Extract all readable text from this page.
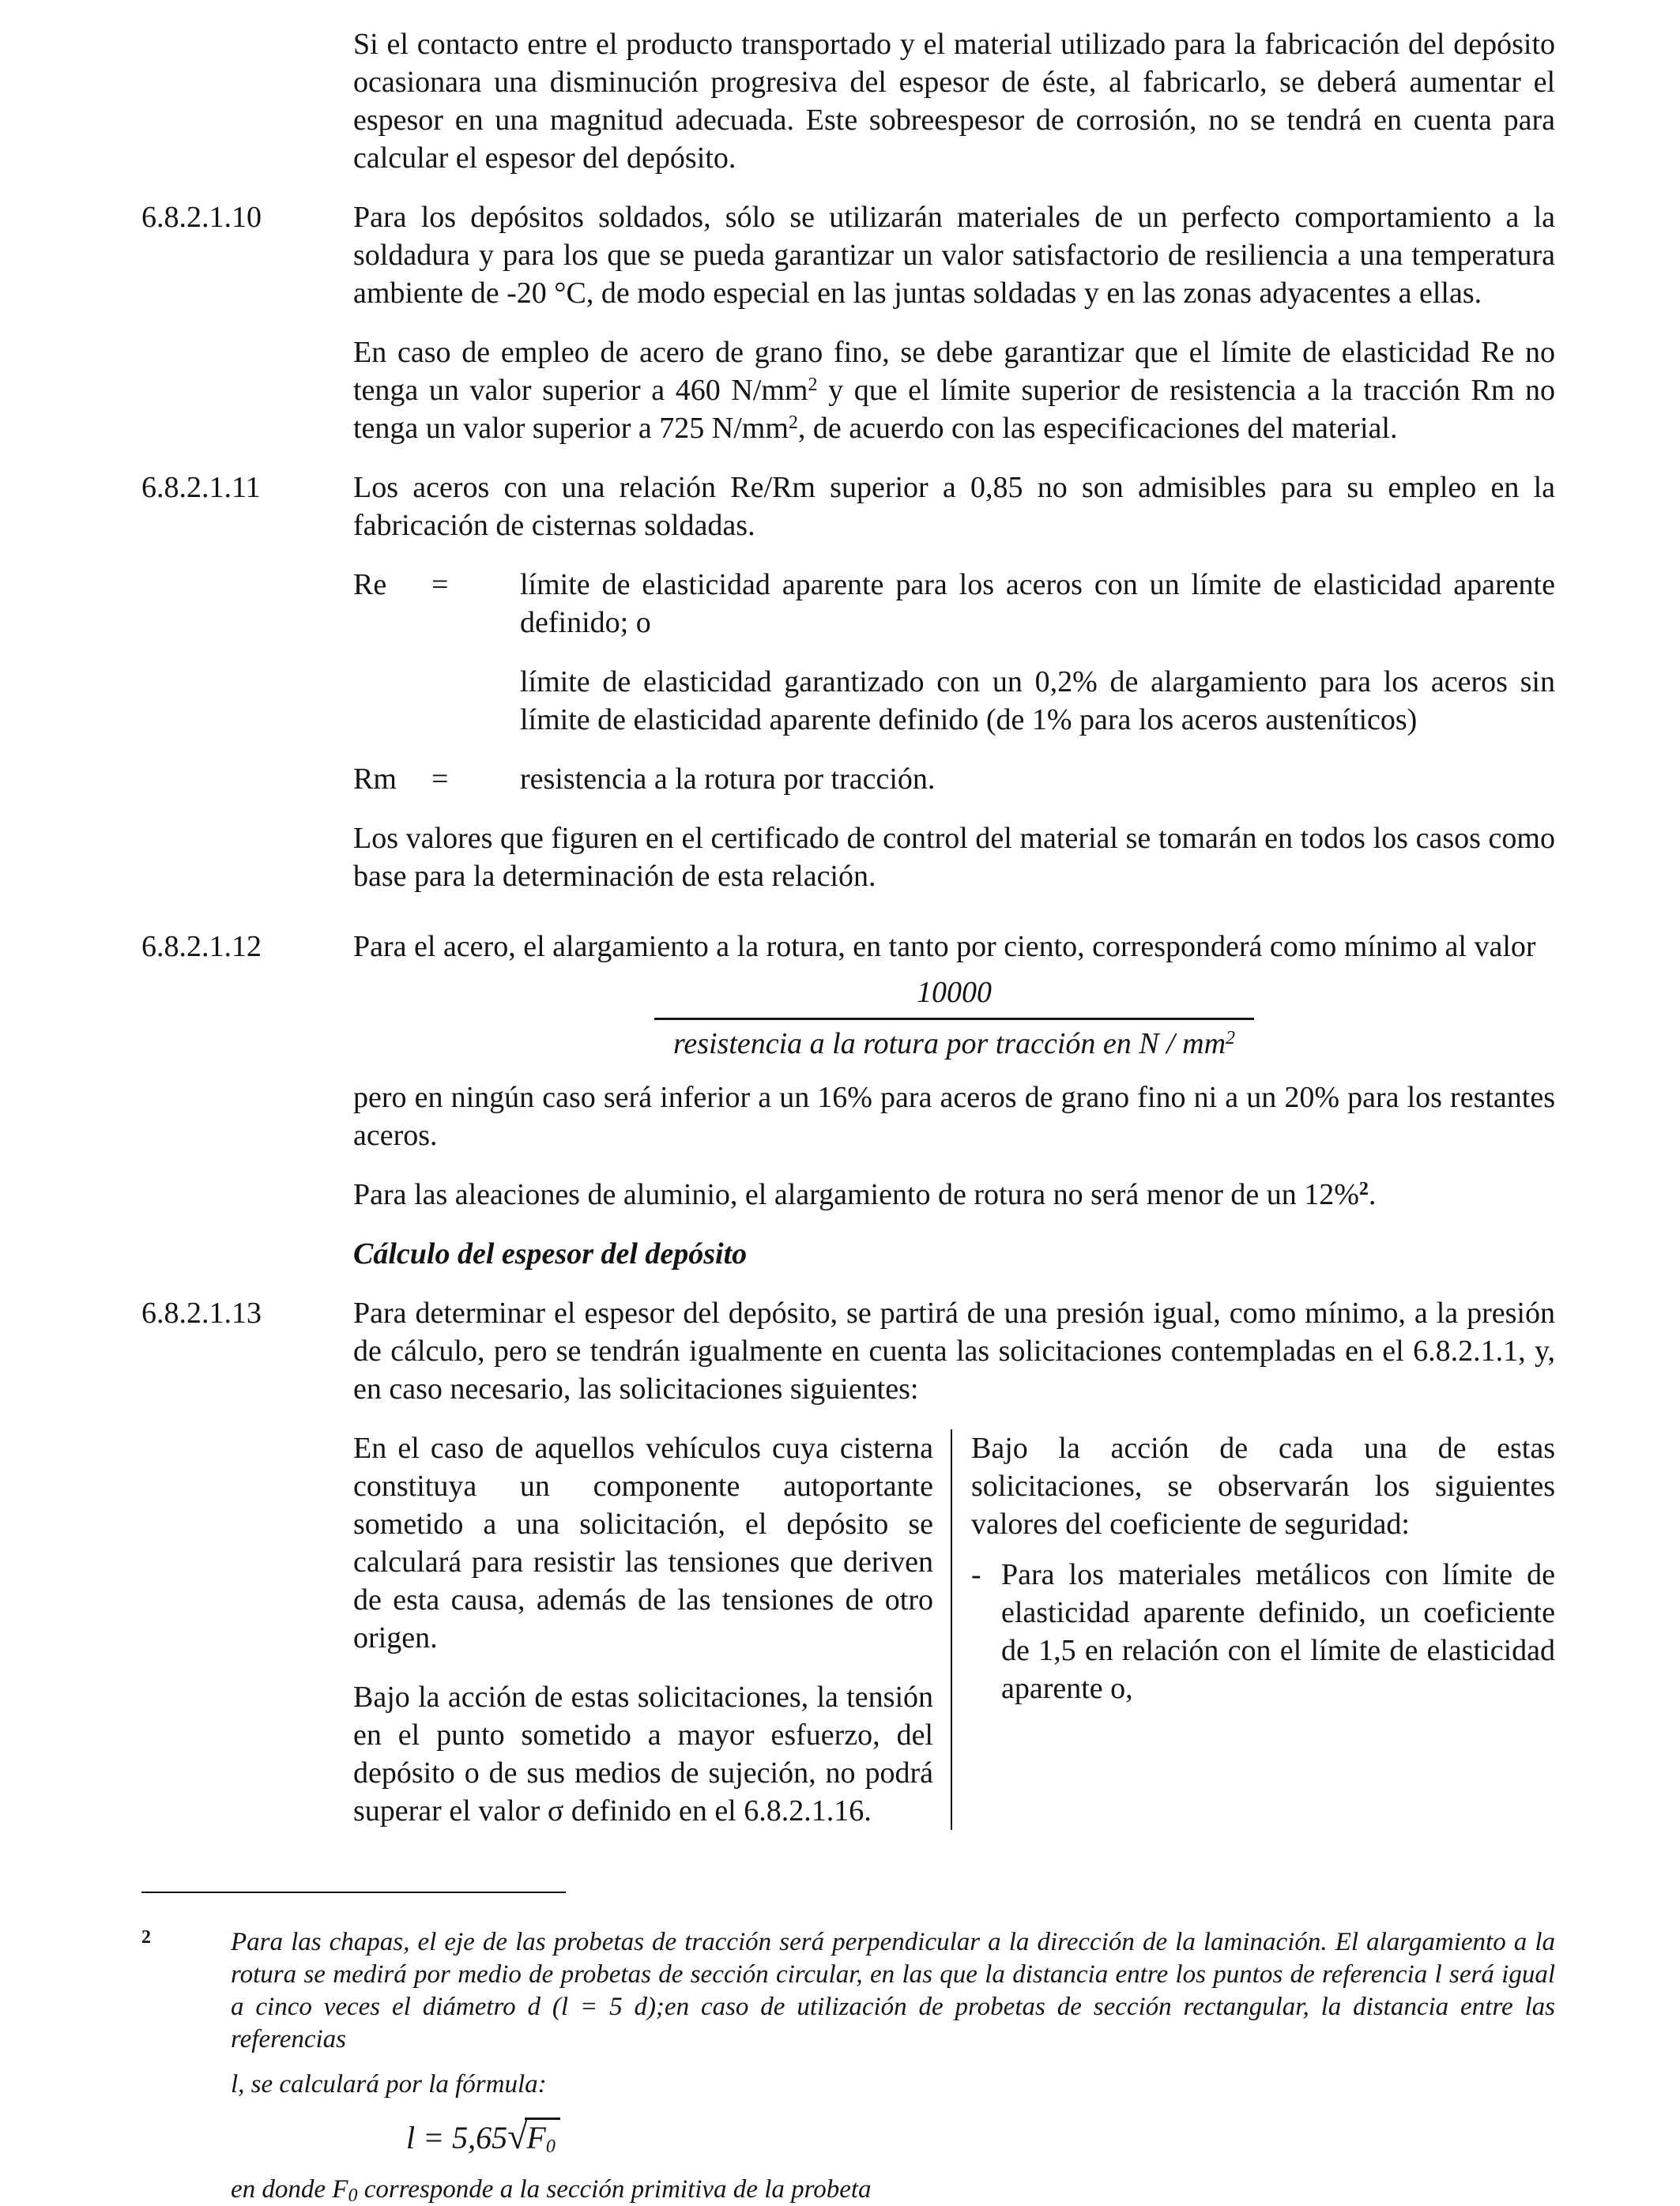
Si el contacto entre el producto transportado y el material utilizado para la fabricación del depósito ocasionara una disminución progresiva del espesor de éste, al fabricarlo, se deberá aumentar el espesor en una magnitud adecuada. Este sobreespesor de corrosión, no se tendrá en cuenta para calcular el espesor del depósito.

6.8.2.1.10	Para los depósitos soldados, sólo se utilizarán materiales de un perfecto comportamiento a la soldadura y para los que se pueda garantizar un valor satisfactorio de resiliencia a una temperatura ambiente de -20 °C, de modo especial en las juntas soldadas y en las zonas adyacentes a ellas.

En caso de empleo de acero de grano fino, se debe garantizar que el límite de elasticidad Re no tenga un valor superior a 460 $N/mm^2$ y que el límite superior de resistencia a la tracción Rm no tenga un valor superior a 725 $N/mm^2$, de acuerdo con las especificaciones del material.

6.8.2.1.11	Los aceros con una relación Re/Rm superior a 0,85 no son admisibles para su empleo en la fabricación de cisternas soldadas.

Re	=	límite de elasticidad aparente para los aceros con un límite de elasticidad aparente definido; o

límite de elasticidad garantizado con un 0,2% de alargamiento para los aceros sin límite de elasticidad aparente definido (de 1% para los aceros austeníticos)

Rm	=	resistencia a la rotura por tracción.

Los valores que figuren en el certificado de control del material se tomarán en todos los casos como base para la determinación de esta relación.

6.8.2.1.12	Para el acero, el alargamiento a la rotura, en tanto por ciento, corresponderá como mínimo al valor

$\frac{10000}{resistencia a la rotura por tracción en N / mm^2}$

pero en ningún caso será inferior a un 16% para aceros de grano fino ni a un 20% para los restantes aceros.

Para las aleaciones de aluminio, el alargamiento de rotura no será menor de un 12%$^2$.

Cálculo del espesor del depósito

6.8.2.1.13	Para determinar el espesor del depósito, se partirá de una presión igual, como mínimo, a la presión de cálculo, pero se tendrán igualmente en cuenta las solicitaciones contempladas en el 6.8.2.1.1, y, en caso necesario, las solicitaciones siguientes:

En el caso de aquellos vehículos cuya cisterna constituya un componente autoportante sometido a una solicitación, el depósito se calculará para resistir las tensiones que deriven de esta causa, además de las tensiones de otro origen.

Bajo la acción de estas solicitaciones, la tensión en el punto sometido a mayor esfuerzo, del depósito o de sus medios de sujeción, no podrá superar el valor σ definido en el 6.8.2.1.16.

Bajo la acción de cada una de estas solicitaciones, se observarán los siguientes valores del coeficiente de seguridad:

- Para los materiales metálicos con límite de elasticidad aparente definido, un coeficiente de 1,5 en relación con el límite de elasticidad aparente o,

2	Para las chapas, el eje de las probetas de tracción será perpendicular a la dirección de la laminación. El alargamiento a la rotura se medirá por medio de probetas de sección circular, en las que la distancia entre los puntos de referencia l será igual a cinco veces el diámetro d (l = 5 d);en caso de utilización de probetas de sección rectangular, la distancia entre las referencias

l, se calculará por la fórmula:

$l = 5,65√F_0$

en donde $F_0$ corresponde a la sección primitiva de la probeta
